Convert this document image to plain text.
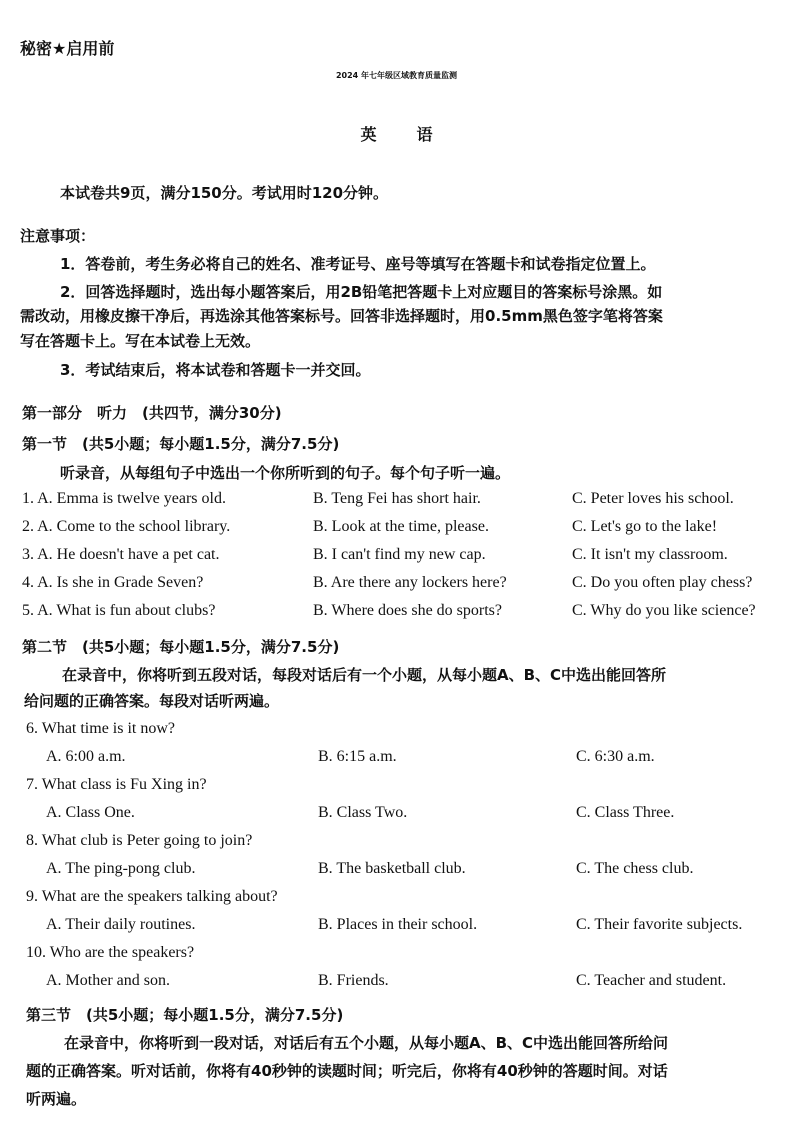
秘密★启用前
2024 年七年级区域教育质量监测
英语
本试卷共9页，满分150分。考试用时120分钟。
注意事项：
1．答卷前，考生务必将自己的姓名、准考证号、座号等填写在答题卡和试卷指定位置上。
2．回答选择题时，选出每小题答案后，用2B铅笔把答题卡上对应题目的答案标号涂黑。如
需改动，用橡皮擦干净后，再选涂其他答案标号。回答非选择题时，用0.5mm黑色签字笔将答案
写在答题卡上。写在本试卷上无效。
3．考试结束后，将本试卷和答题卡一并交回。
第一部分　听力　(共四节，满分30分)
第一节　(共5小题；每小题1.5分，满分7.5分)
听录音，从每组句子中选出一个你所听到的句子。每个句子听一遍。
1. A. Emma is twelve years old.	B. Teng Fei has short hair.	C. Peter loves his school.
2. A. Come to the school library.	B. Look at the time, please.	C. Let's go to the lake!
3. A. He doesn't have a pet cat.	B. I can't find my new cap.	C. It isn't my classroom.
4. A. Is she in Grade Seven?	B. Are there any lockers here?	C. Do you often play chess?
5. A. What is fun about clubs?	B. Where does she do sports?	C. Why do you like science?
第二节　(共5小题；每小题1.5分，满分7.5分)
在录音中，你将听到五段对话，每段对话后有一个小题，从每小题A、B、C中选出能回答所
给问题的正确答案。每段对话听两遍。
6. What time is it now?
A. 6:00 a.m.	B. 6:15 a.m.	C. 6:30 a.m.
7. What class is Fu Xing in?
A. Class One.	B. Class Two.	C. Class Three.
8. What club is Peter going to join?
A. The ping-pong club.	B. The basketball club.	C. The chess club.
9. What are the speakers talking about?
A. Their daily routines.	B. Places in their school.	C. Their favorite subjects.
10. Who are the speakers?
A. Mother and son.	B. Friends.	C. Teacher and student.
第三节　(共5小题；每小题1.5分，满分7.5分)
在录音中，你将听到一段对话，对话后有五个小题，从每小题A、B、C中选出能回答所给问
题的正确答案。听对话前，你将有40秒钟的读题时间；听完后，你将有40秒钟的答题时间。对话
听两遍。
